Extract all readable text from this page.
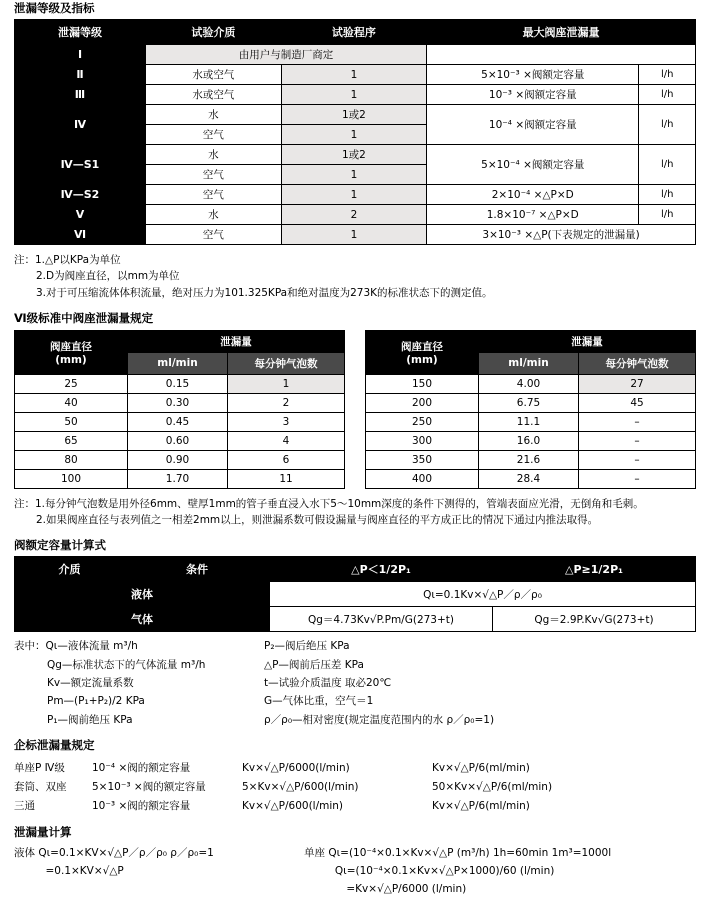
泄漏等级及指标
泄漏等级	试验介质	试验程序	最大阀座泄漏量	
Ⅰ	由用户与制造厂商定			
Ⅱ	水或空气	1	5×10⁻³ ×阀额定容量	l/h
Ⅲ	水或空气	1	10⁻³ ×阀额定容量	l/h
Ⅳ	水	1或2	10⁻⁴ ×阀额定容量	l/h
	空气	1		
Ⅳ—S1	水	1或2	5×10⁻⁴ ×阀额定容量	l/h
	空气	1		
Ⅳ—S2	空气	1	2×10⁻⁴ ×△P×D	l/h
Ⅴ	水	2	1.8×10⁻⁷ ×△P×D	l/h
Ⅵ	空气	1	3×10⁻³ ×△P(下表规定的泄漏量)	
注：1.△P以KPa为单位
2.D为阀座直径，以mm为单位
3.对于可压缩流体体积流量，绝对压力为101.325KPa和绝对温度为273K的标准状态下的测定值。
Ⅵ级标准中阀座泄漏量规定
阀座直径
(mm)	泄漏量	
	ml/min	每分钟气泡数
25	0.15	1
40	0.30	2
50	0.45	3
65	0.60	4
80	0.90	6
100	1.70	11
阀座直径
(mm)	泄漏量	
	ml/min	每分钟气泡数
150	4.00	27
200	6.75	45
250	11.1	–
300	16.0	–
350	21.6	–
400	28.4	–
注：1.每分钟气泡数是用外径6mm、壁厚1mm的管子垂直浸入水下5～10mm深度的条件下测得的，管端表面应光滑，无倒角和毛刺。
2.如果阀座直径与表列值之一相差2mm以上，则泄漏系数可假设漏量与阀座直径的平方成正比的情况下通过内推法取得。
阀额定容量计算式
介质	条件	△P＜1/2P₁	△P≥1/2P₁
液体		Qι=0.1Kv×√△P／ρ／ρ₀	
气体		Qg＝4.73Kv√P.Pm/G(273+t)	Qg＝2.9P.Kv√G(273+t)
表中：Qι—液体流量 m³/h
Qg—标准状态下的气体流量 m³/h
Kv—额定流量系数
Pm—(P₁+P₂)/2 KPa
P₁—阀前绝压 KPa
P₂—阀后绝压 KPa
△P—阀前后压差 KPa
t—试验介质温度 取必20℃
G—气体比重，空气＝1
ρ／ρ₀—相对密度(规定温度范围内的水 ρ／ρ₀=1)
企标泄漏量规定
单座P Ⅳ级	10⁻⁴ ×阀的额定容量	Kv×√△P/6000(l/min)	Kv×√△P/6(ml/min)
套筒、双座	5×10⁻³ ×阀的额定容量	5×Kv×√△P/600(l/min)	50×Kv×√△P/6(ml/min)
三通	10⁻³ ×阀的额定容量	Kv×√△P/600(l/min)	Kv×√△P/6(ml/min)
泄漏量计算
液体 Qι=0.1×KV×√△P／ρ／ρ₀ ρ／ρ₀=1	单座 Qι=(10⁻⁴×0.1×Kv×√△P (m³/h) 1h=60min 1m³=1000l
　　　=0.1×KV×√△P	Qι=(10⁻⁴×0.1×Kv×√△P×1000)/60 (l/min)
=Kv×√△P/6000 (l/min)
